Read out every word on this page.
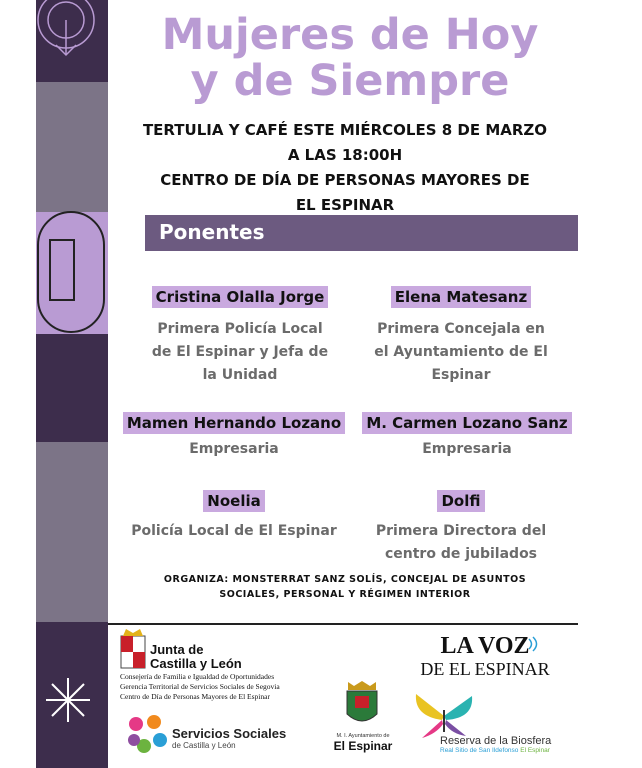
Mujeres de Hoy
y de Siempre
TERTULIA Y CAFÉ ESTE MIÉRCOLES 8 DE MARZO
A LAS 18:00H
CENTRO DE DÍA DE PERSONAS MAYORES DE
EL ESPINAR
Ponentes
Cristina Olalla Jorge
Primera Policía Local
de El Espinar y Jefa de
la Unidad
Elena Matesanz
Primera Concejala en
el Ayuntamiento de El
Espinar
Mamen Hernando Lozano
Empresaria
M. Carmen Lozano Sanz
Empresaria
Noelia
Policía Local de El Espinar
Dolfi
Primera Directora del
centro de jubilados
ORGANIZA: MONSTERRAT SANZ SOLÍS, CONCEJAL DE ASUNTOS
SOCIALES, PERSONAL Y RÉGIMEN INTERIOR
Junta de
Castilla y León
Consejería de Familia e Igualdad de Oportunidades
Gerencia Territorial de Servicios Sociales de Segovia
Centro de Día de Personas Mayores de El Espinar
Servicios Sociales
de Castilla y León
M. I. Ayuntamiento de
El Espinar
LA VOZ
DE EL ESPINAR
Reserva de la Biosfera
Real Sitio de San Ildefonso El Espinar
